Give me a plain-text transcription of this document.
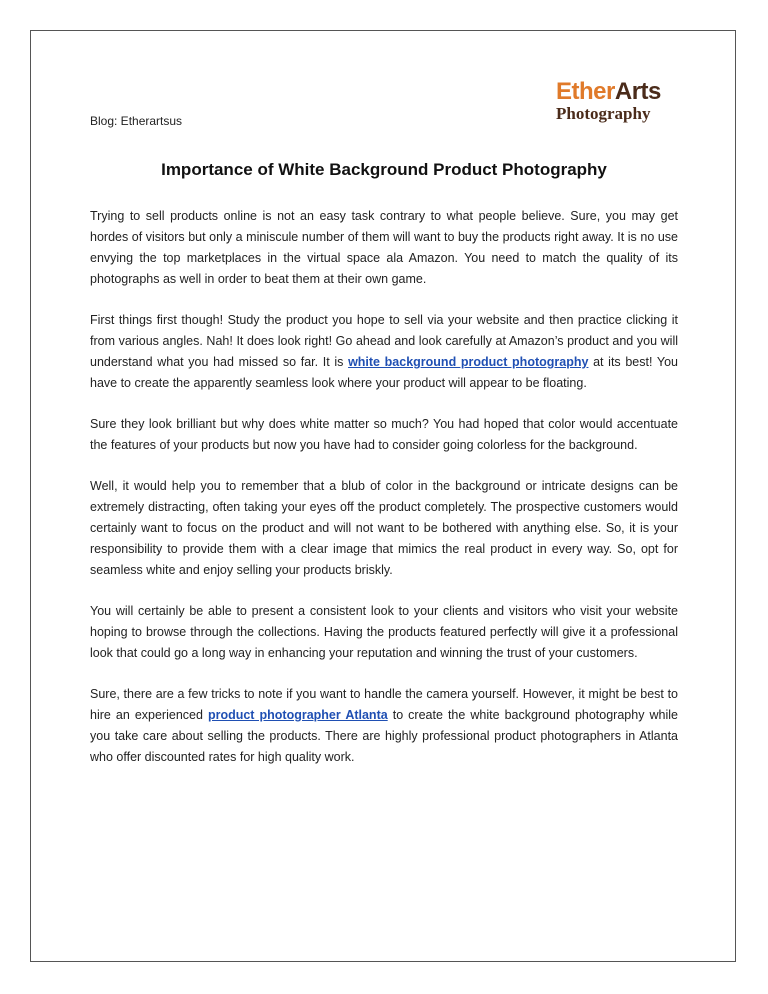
EtherArts
Photography
Blog: Etherartsus
Importance of White Background Product Photography

Trying to sell products online is not an easy task contrary to what people believe. Sure, you may get hordes of visitors but only a miniscule number of them will want to buy the products right away. It is no use envying the top marketplaces in the virtual space ala Amazon. You need to match the quality of its photographs as well in order to beat them at their own game.

First things first though! Study the product you hope to sell via your website and then practice clicking it from various angles. Nah! It does look right! Go ahead and look carefully at Amazon’s product and you will understand what you had missed so far. It is white background product photography at its best! You have to create the apparently seamless look where your product will appear to be floating.

Sure they look brilliant but why does white matter so much? You had hoped that color would accentuate the features of your products but now you have had to consider going colorless for the background.

Well, it would help you to remember that a blub of color in the background or intricate designs can be extremely distracting, often taking your eyes off the product completely. The prospective customers would certainly want to focus on the product and will not want to be bothered with anything else. So, it is your responsibility to provide them with a clear image that mimics the real product in every way. So, opt for seamless white and enjoy selling your products briskly.

You will certainly be able to present a consistent look to your clients and visitors who visit your website hoping to browse through the collections. Having the products featured perfectly will give it a professional look that could go a long way in enhancing your reputation and winning the trust of your customers.

Sure, there are a few tricks to note if you want to handle the camera yourself. However, it might be best to hire an experienced product photographer Atlanta to create the white background photography while you take care about selling the products. There are highly professional product photographers in Atlanta who offer discounted rates for high quality work.
